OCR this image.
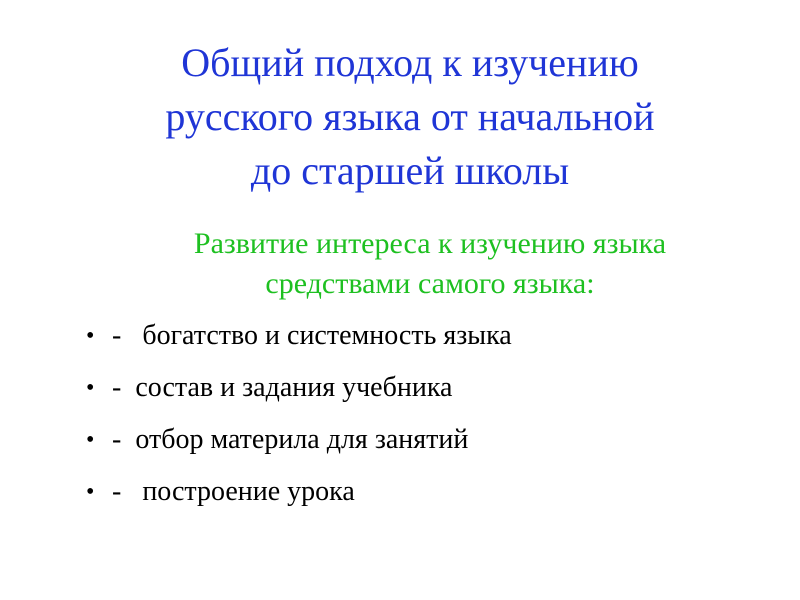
Общий подход к изучению
русского языка от начальной
до старшей школы

Развитие интереса к изучению языка
средствами самого языка:

• -   богатство и системность языка
• -  состав и задания учебника
• -  отбор материла для занятий
• -   построение урока
